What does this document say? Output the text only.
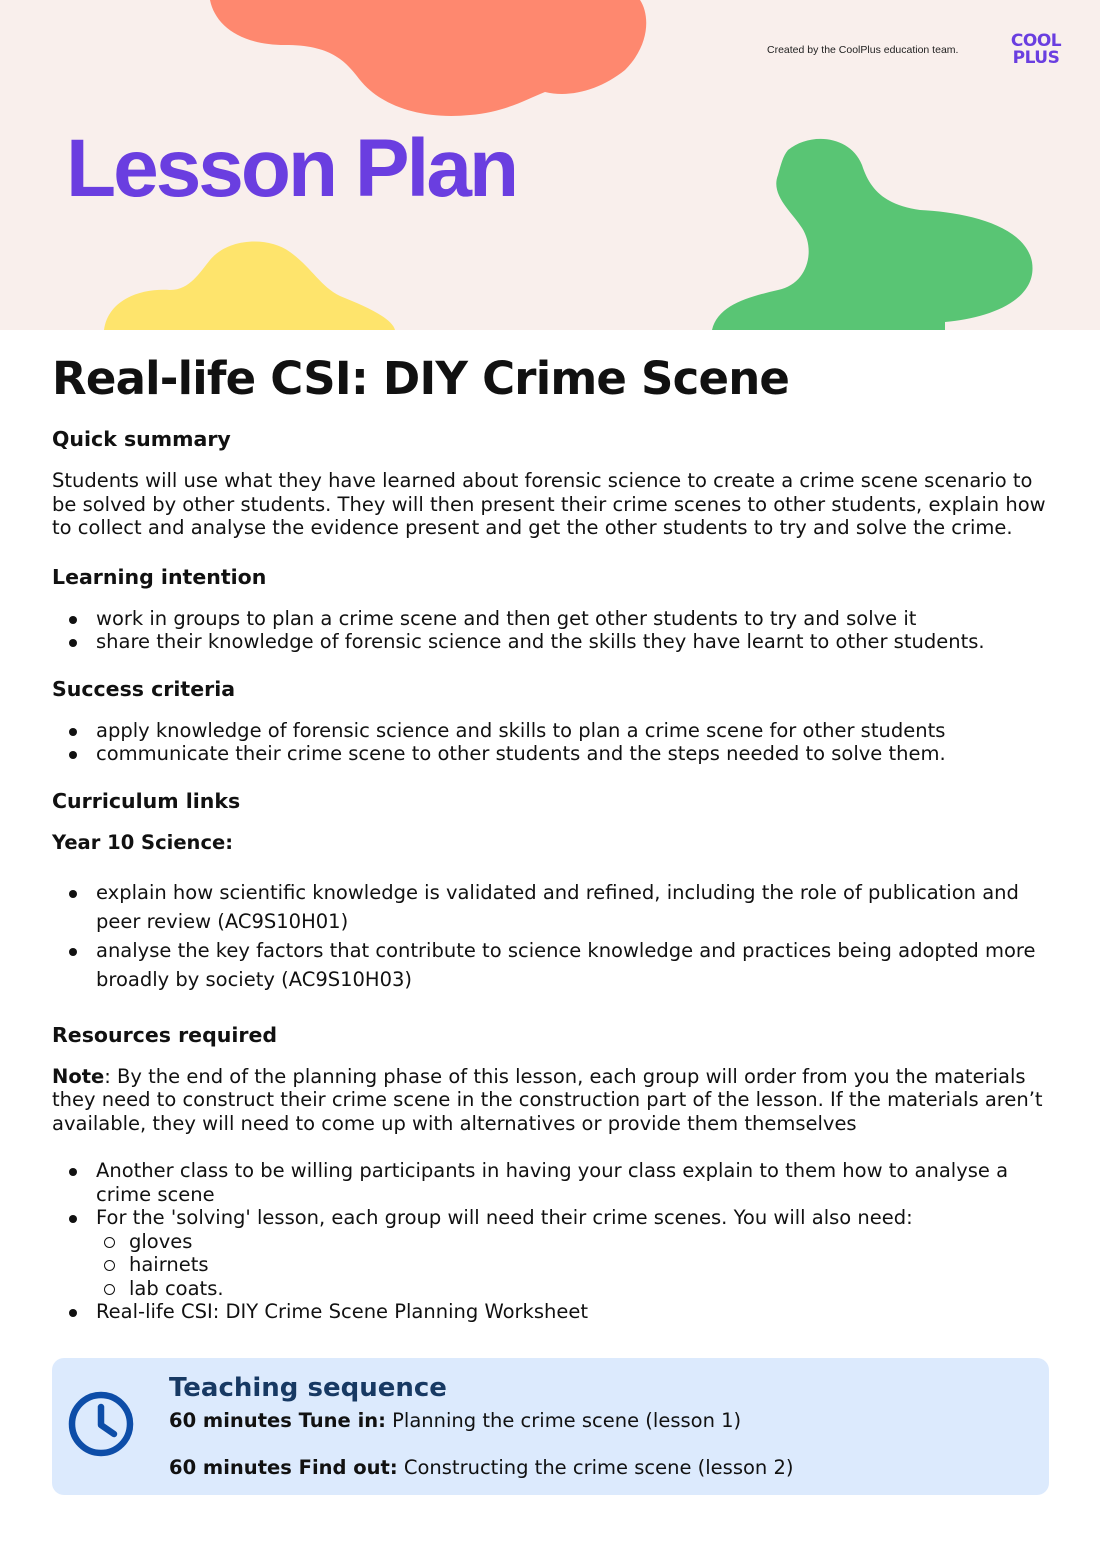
Created by the CoolPlus education team.	COOL
PLUS
Lesson Plan
Real-life CSI: DIY Crime Scene
Quick summary

Students will use what they have learned about forensic science to create a crime scene scenario to be solved by other students. They will then present their crime scenes to other students, explain how to collect and analyse the evidence present and get the other students to try and solve the crime.

Learning intention
work in groups to plan a crime scene and then get other students to try and solve it
share their knowledge of forensic science and the skills they have learnt to other students.
Success criteria
apply knowledge of forensic science and skills to plan a crime scene for other students
communicate their crime scene to other students and the steps needed to solve them.
Curriculum links
Year 10 Science:
explain how scientific knowledge is validated and refined, including the role of publication and peer review (AC9S10H01)
analyse the key factors that contribute to science knowledge and practices being adopted more broadly by society (AC9S10H03)
Resources required

Note: By the end of the planning phase of this lesson, each group will order from you the materials they need to construct their crime scene in the construction part of the lesson. If the materials aren’t available, they will need to come up with alternatives or provide them themselves

Another class to be willing participants in having your class explain to them how to analyse a crime scene
For the 'solving' lesson, each group will need their crime scenes. You will also need:
gloves
hairnets
lab coats.
Real-life CSI: DIY Crime Scene Planning Worksheet
Teaching sequence
60 minutes Tune in: Planning the crime scene (lesson 1)
60 minutes Find out: Constructing the crime scene (lesson 2)
